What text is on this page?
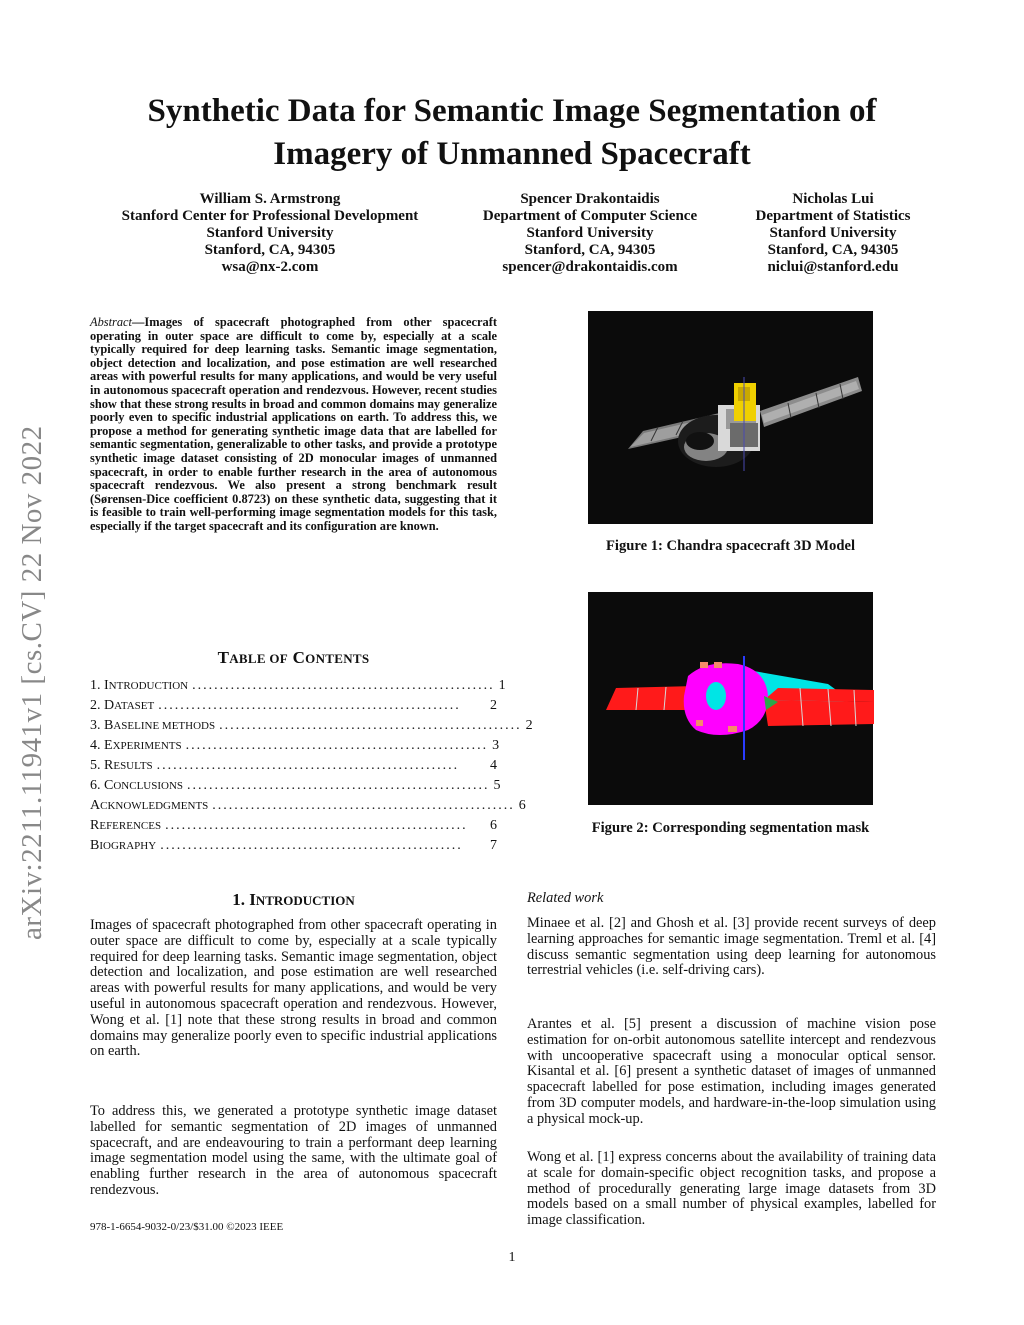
Synthetic Data for Semantic Image Segmentation of
Imagery of Unmanned Spacecraft
William S. Armstrong
Stanford Center for Professional Development
Stanford University
Stanford, CA, 94305
wsa@nx-2.com
Spencer Drakontaidis
Department of Computer Science
Stanford University
Stanford, CA, 94305
spencer@drakontaidis.com
Nicholas Lui
Department of Statistics
Stanford University
Stanford, CA, 94305
niclui@stanford.edu
arXiv:2211.11941v1 [cs.CV] 22 Nov 2022
Abstract—Images of spacecraft photographed from other spacecraft operating in outer space are difficult to come by, especially at a scale typically required for deep learning tasks. Semantic image segmentation, object detection and localization, and pose estimation are well researched areas with powerful results for many applications, and would be very useful in autonomous spacecraft operation and rendezvous. However, recent studies show that these strong results in broad and common domains may generalize poorly even to specific industrial applications on earth. To address this, we propose a method for generating synthetic image data that are labelled for semantic segmentation, generalizable to other tasks, and provide a prototype synthetic image dataset consisting of 2D monocular images of unmanned spacecraft, in order to enable further research in the area of autonomous spacecraft rendezvous. We also present a strong benchmark result (Sørensen-Dice coefficient 0.8723) on these synthetic data, suggesting that it is feasible to train well-performing image segmentation models for this task, especially if the target spacecraft and its configuration are known.
TABLE OF CONTENTS
1. INTRODUCTION ....................................................... 1
2. DATASET .......................................................	2
3. BASELINE METHODS ....................................................... 2
4. EXPERIMENTS ....................................................... 3
5. RESULTS .......................................................	4
6. CONCLUSIONS ....................................................... 5
ACKNOWLEDGMENTS ....................................................... 6
REFERENCES .......................................................	6
BIOGRAPHY .......................................................	7
1. INTRODUCTION
Images of spacecraft photographed from other spacecraft operating in outer space are difficult to come by, especially at a scale typically required for deep learning tasks. Semantic image segmentation, object detection and localization, and pose estimation are well researched areas with powerful results for many applications, and would be very useful in autonomous spacecraft operation and rendezvous. However, Wong et al. [1] note that these strong results in broad and common domains may generalize poorly even to specific industrial applications on earth.
To address this, we generated a prototype synthetic image dataset labelled for semantic segmentation of 2D images of unmanned spacecraft, and are endeavouring to train a performant deep learning image segmentation model using the same, with the ultimate goal of enabling further research in the area of autonomous spacecraft rendezvous.
Figure 1: Chandra spacecraft 3D Model
Figure 2: Corresponding segmentation mask
Related work
Minaee et al. [2] and Ghosh et al. [3] provide recent surveys of deep learning approaches for semantic image segmentation. Treml et al. [4] discuss semantic segmentation using deep learning for autonomous terrestrial vehicles (i.e. self-driving cars).
Arantes et al. [5] present a discussion of machine vision pose estimation for on-orbit autonomous satellite intercept and rendezvous with uncooperative spacecraft using a monocular optical sensor. Kisantal et al. [6] present a synthetic dataset of images of unmanned spacecraft labelled for pose estimation, including images generated from 3D computer models, and hardware-in-the-loop simulation using a physical mock-up.
Wong et al. [1] express concerns about the availability of training data at scale for domain-specific object recognition tasks, and propose a method of procedurally generating large image datasets from 3D models based on a small number of physical examples, labelled for image classification.
978-1-6654-9032-0/23/$31.00 ©2023 IEEE
1
